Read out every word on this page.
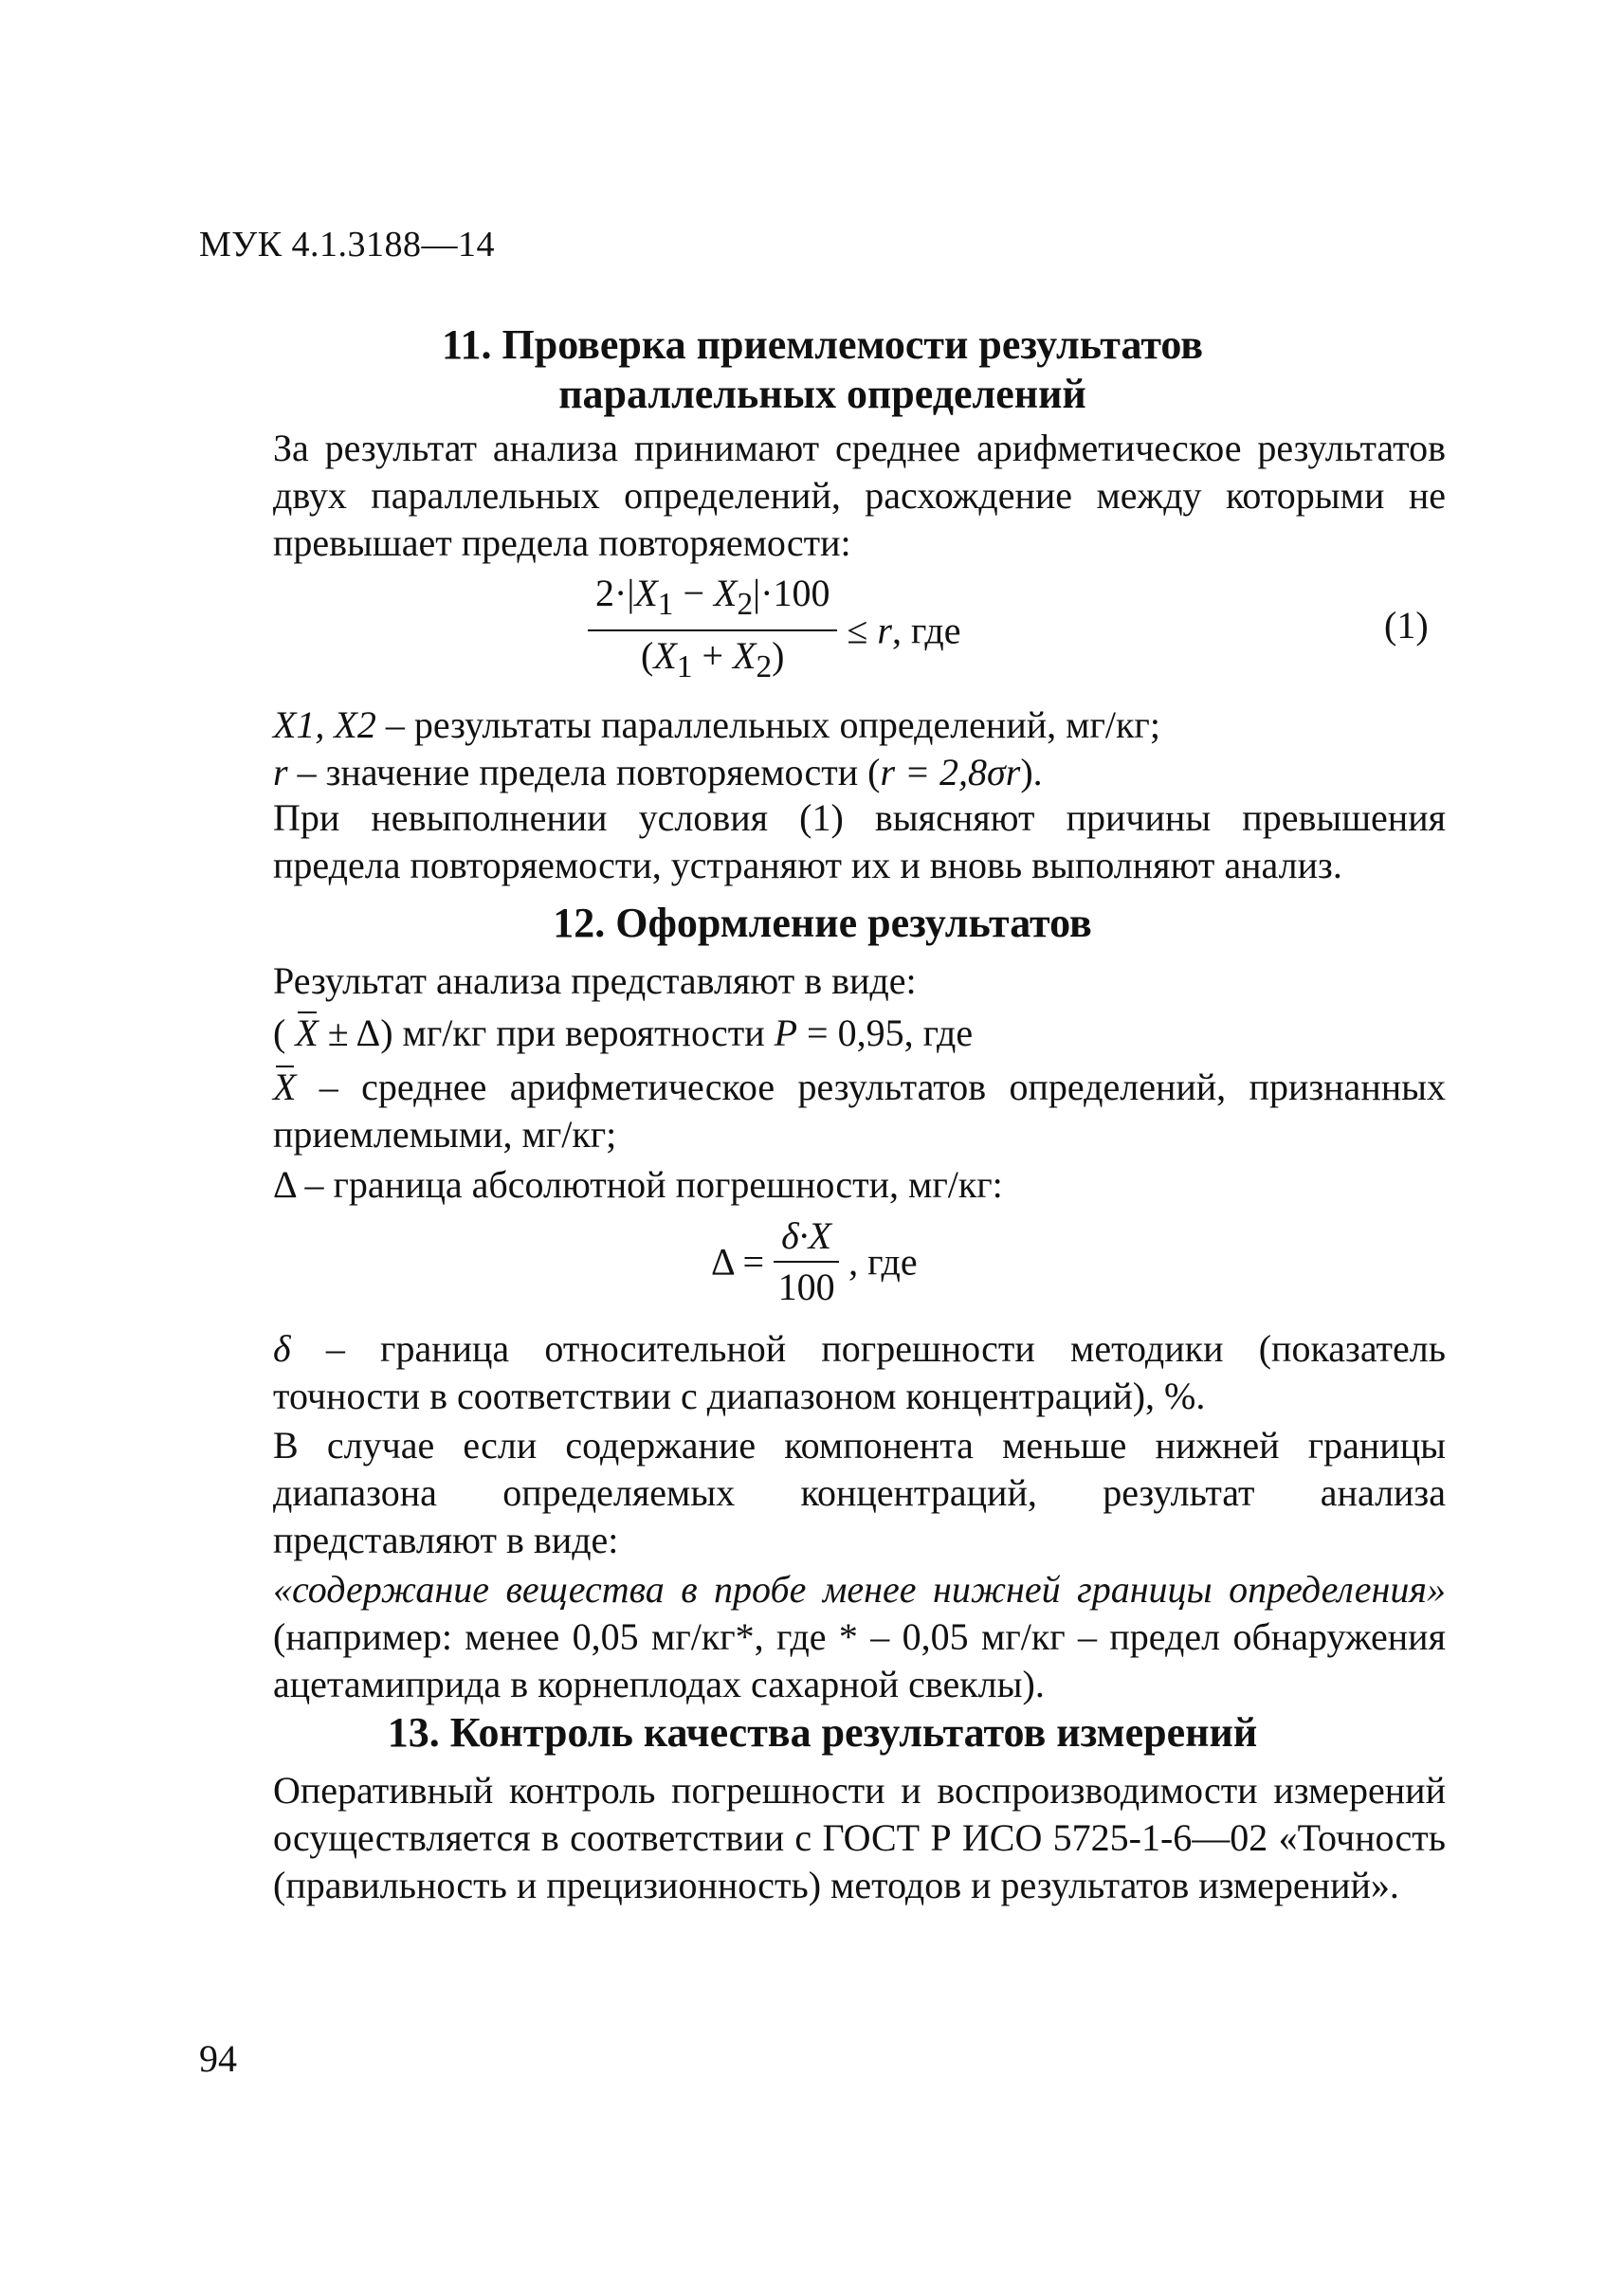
МУК 4.1.3188—14
11. Проверка приемлемости результатов
параллельных определений
За результат анализа принимают среднее арифметическое результатов двух параллельных определений, расхождение между которыми не превышает предела повторяемости:
$\frac{2\cdot|X_1 - X_2|\cdot 100}{(X_1 + X_2)} \le r$, где	(1)
X1, X2 – результаты параллельных определений, мг/кг;
r – значение предела повторяемости (r = 2,8σr).
При невыполнении условия (1) выясняют причины превышения предела повторяемости, устраняют их и вновь выполняют анализ.
12. Оформление результатов
Результат анализа представляют в виде:
( X ± Δ) мг/кг при вероятности P = 0,95, где
X – среднее арифметическое результатов определений, признанных приемлемыми, мг/кг;
Δ – граница абсолютной погрешности, мг/кг:
$\Delta = \frac{\delta\cdot X}{100}$ , где
δ – граница относительной погрешности методики (показатель точности в соответствии с диапазоном концентраций), %.
В случае если содержание компонента меньше нижней границы диапазона определяемых концентраций, результат анализа представляют в виде:
«содержание вещества в пробе менее нижней границы определения» (например: менее 0,05 мг/кг*, где * – 0,05 мг/кг – предел обнаружения ацетамиприда в корнеплодах сахарной свеклы).
13. Контроль качества результатов измерений
Оперативный контроль погрешности и воспроизводимости измерений осуществляется в соответствии с ГОСТ Р ИСО 5725-1-6—02 «Точность (правильность и прецизионность) методов и результатов измерений».
94
